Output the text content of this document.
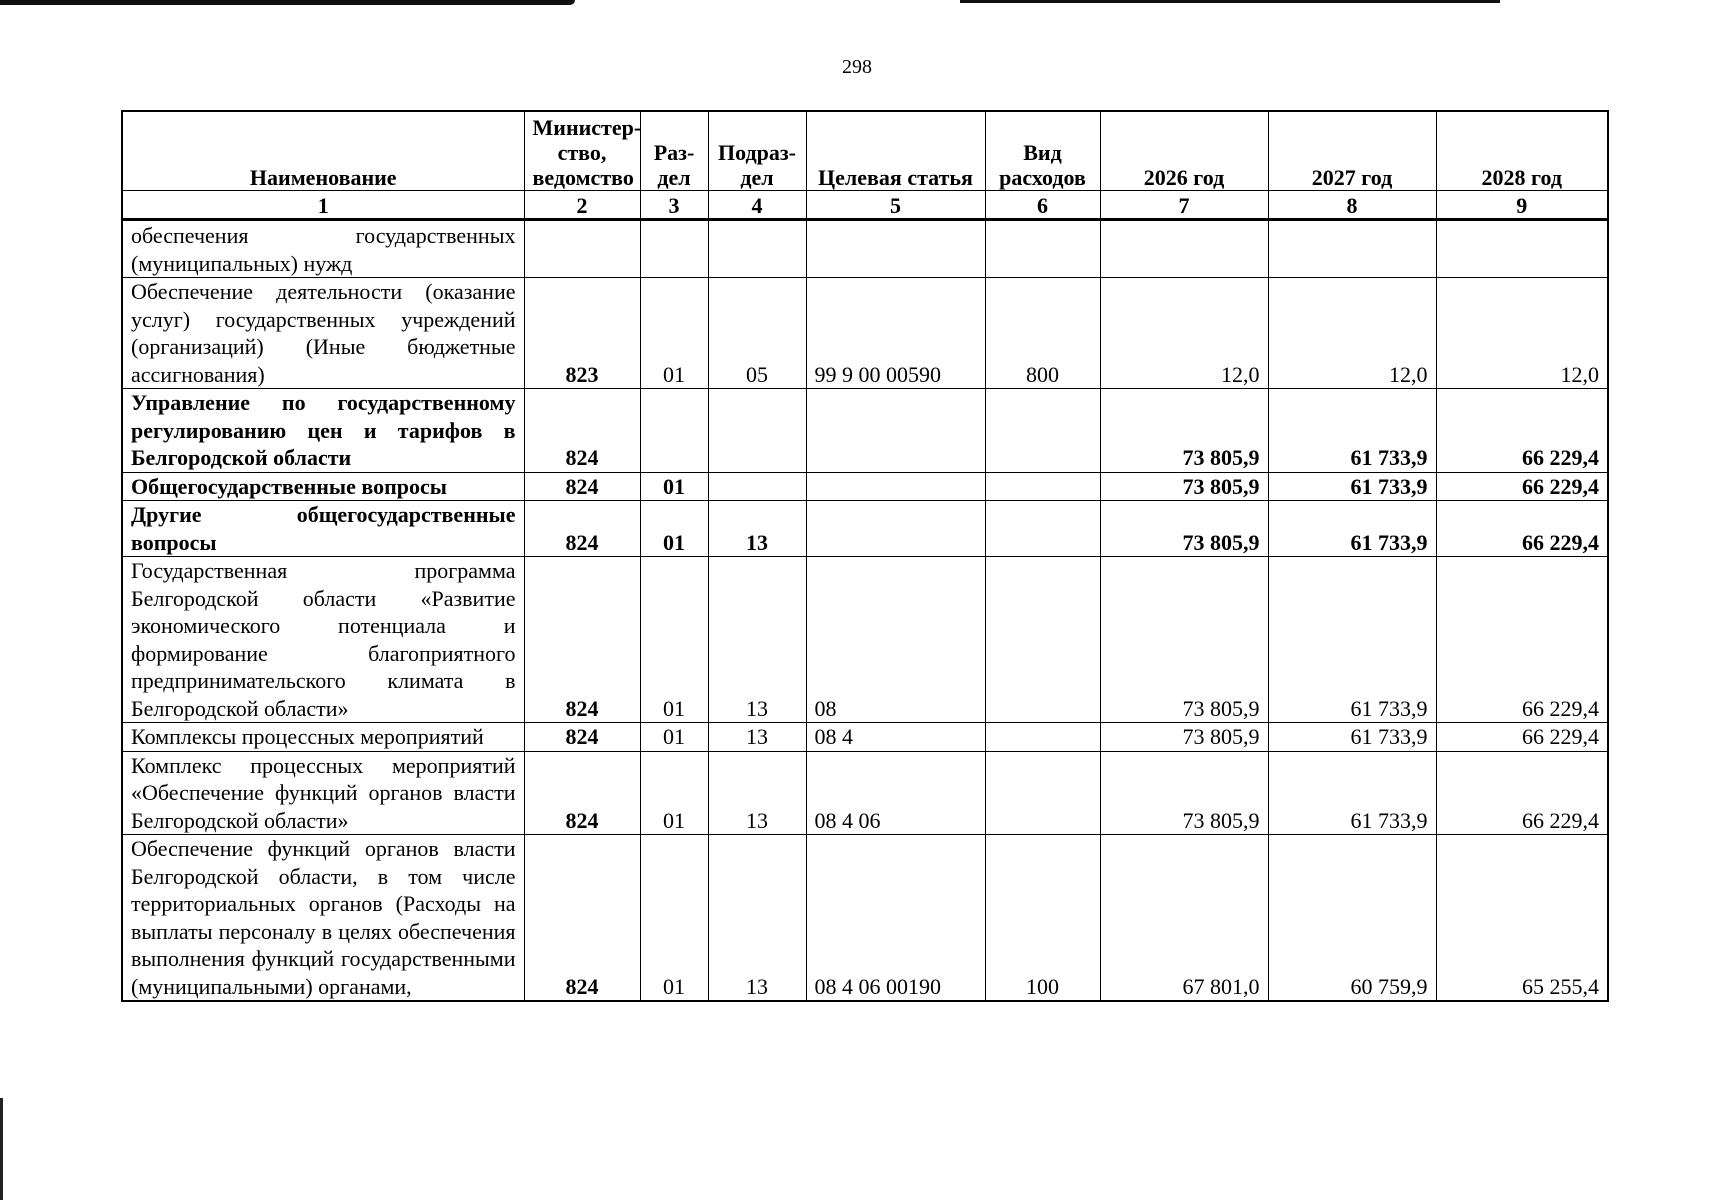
298
Наименование	Министер-ство, ведомство	Раз-дел	Подраз-дел	Целевая статья	Вид расходов	2026 год	2027 год	2028 год
1	2	3	4	5	6	7	8	9
обеспечения государственных (муниципальных) нужд								
Обеспечение деятельности (оказание услуг) государственных учреждений (организаций) (Иные бюджетные ассигнования)	823	01	05	99 9 00 00590	800	12,0	12,0	12,0
Управление по государственному регулированию цен и тарифов в Белгородской области	824					73 805,9	61 733,9	66 229,4
Общегосударственные вопросы	824	01				73 805,9	61 733,9	66 229,4
Другие общегосударственные вопросы	824	01	13			73 805,9	61 733,9	66 229,4
Государственная программа Белгородской области «Развитие экономического потенциала и формирование благоприятного предпринимательского климата в Белгородской области»	824	01	13	08		73 805,9	61 733,9	66 229,4
Комплексы процессных мероприятий	824	01	13	08 4		73 805,9	61 733,9	66 229,4
Комплекс процессных мероприятий «Обеспечение функций органов власти Белгородской области»	824	01	13	08 4 06		73 805,9	61 733,9	66 229,4
Обеспечение функций органов власти Белгородской области, в том числе территориальных органов (Расходы на выплаты персоналу в целях обеспечения выполнения функций государственными (муниципальными) органами,	824	01	13	08 4 06 00190	100	67 801,0	60 759,9	65 255,4
